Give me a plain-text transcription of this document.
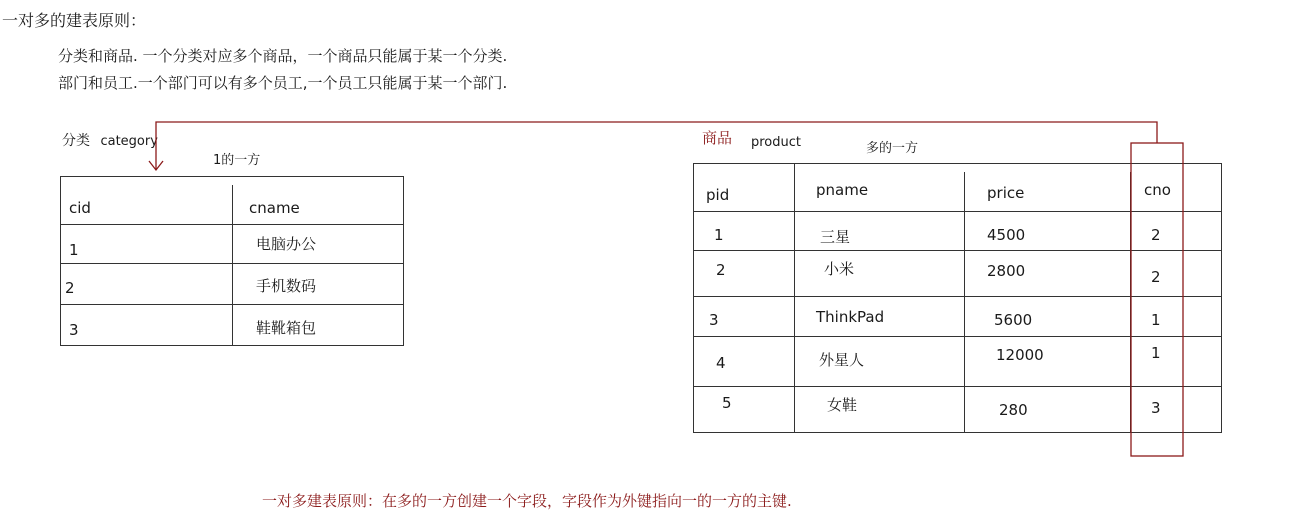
一对多的建表原则：
分类和商品. 一个分类对应多个商品，一个商品只能属于某一个分类.
部门和员工.一个部门可以有多个员工,一个员工只能属于某一个部门.
分类 category
1的一方
cid	cname
1	电脑办公
2	手机数码
3	鞋靴箱包
商品 product	多的一方
pid	pname	price	cno
1	三星	4500	2
2	小米	2800	2
3	ThinkPad	5600	1
4	外星人	12000	1
5	女鞋	280	3
一对多建表原则：在多的一方创建一个字段，字段作为外键指向一的一方的主键.
